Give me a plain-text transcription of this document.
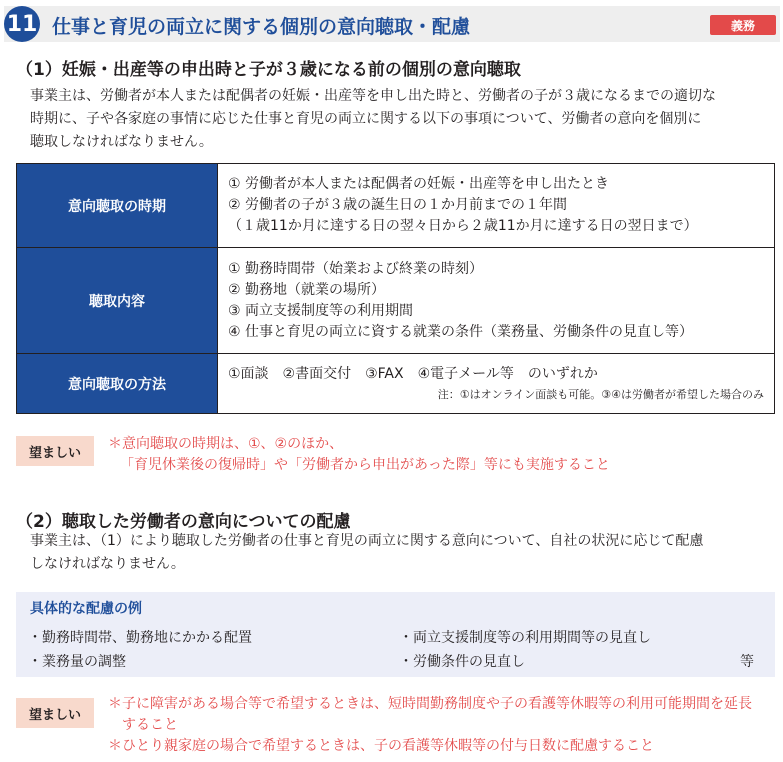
11 仕事と育児の両立に関する個別の意向聴取・配慮	義務
（1）妊娠・出産等の申出時と子が３歳になる前の個別の意向聴取
事業主は、労働者が本人または配偶者の妊娠・出産等を申し出た時と、労働者の子が３歳になるまでの適切な
時期に、子や各家庭の事情に応じた仕事と育児の両立に関する以下の事項について、労働者の意向を個別に
聴取しなければなりません。
意向聴取の時期	① 労働者が本人または配偶者の妊娠・出産等を申し出たとき
② 労働者の子が３歳の誕生日の１か月前までの１年間
（１歳11か月に達する日の翌々日から２歳11か月に達する日の翌日まで）

聴取内容	① 勤務時間帯（始業および終業の時刻）
② 勤務地（就業の場所）
③ 両立支援制度等の利用期間
④ 仕事と育児の両立に資する就業の条件（業務量、労働条件の見直し等）

意向聴取の方法	①面談　②書面交付　③FAX　④電子メール等　のいずれか
注：①はオンライン面談も可能。③④は労働者が希望した場合のみ
望ましい
＊意向聴取の時期は、①、②のほか、
「育児休業後の復帰時」や「労働者から申出があった際」等にも実施すること
（2）聴取した労働者の意向についての配慮
事業主は、（1）により聴取した労働者の仕事と育児の両立に関する意向について、自社の状況に応じて配慮
しなければなりません。
具体的な配慮の例
・勤務時間帯、勤務地にかかる配置	・両立支援制度等の利用期間等の見直し
・業務量の調整	・労働条件の見直し	等
望ましい
＊子に障害がある場合等で希望するときは、短時間勤務制度や子の看護等休暇等の利用可能期間を延長
　すること
＊ひとり親家庭の場合で希望するときは、子の看護等休暇等の付与日数に配慮すること
